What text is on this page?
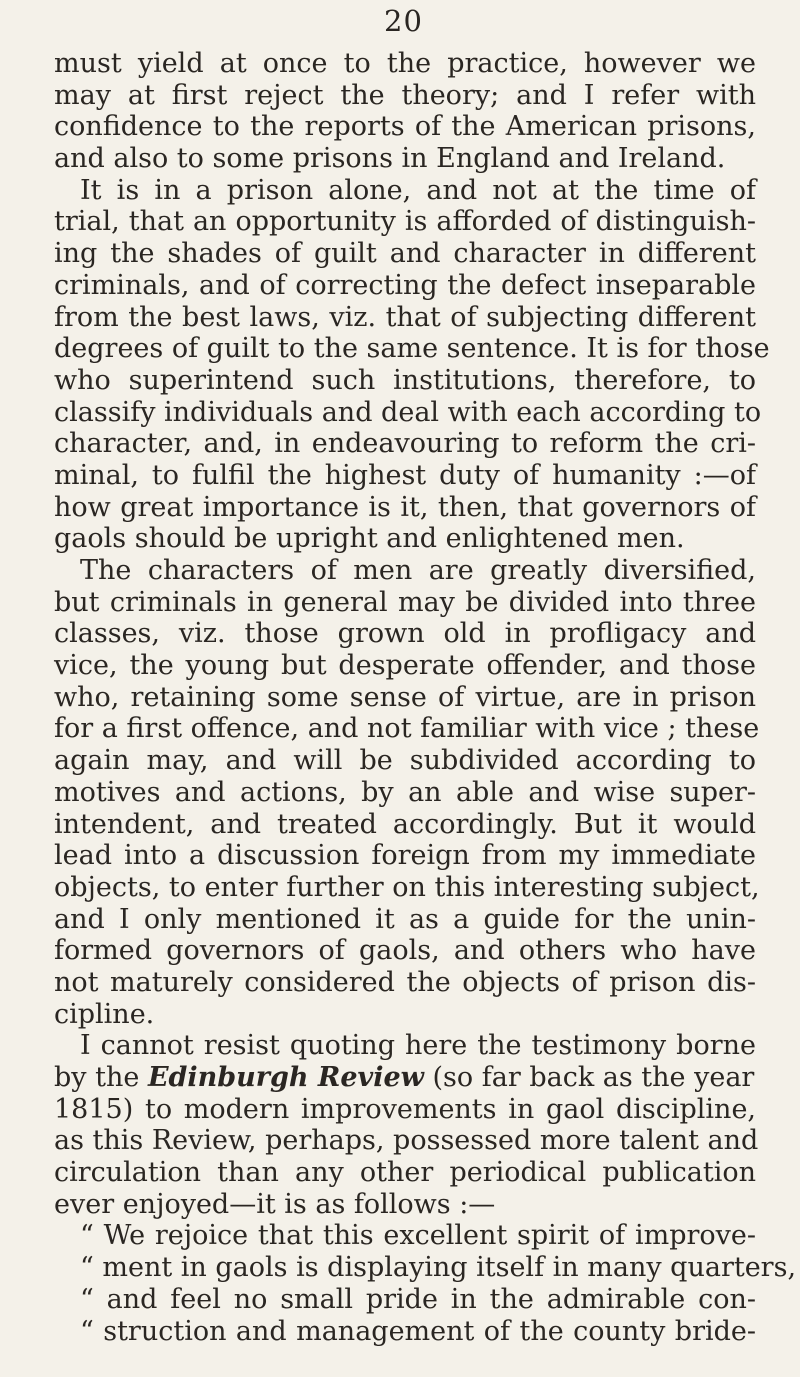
20
must yield at once to the practice, however we
may at first reject the theory; and I refer with
confidence to the reports of the American prisons,
and also to some prisons in England and Ireland.
It is in a prison alone, and not at the time of
trial, that an opportunity is afforded of distinguish-
ing the shades of guilt and character in different
criminals, and of correcting the defect inseparable
from the best laws, viz. that of subjecting different
degrees of guilt to the same sentence. It is for those
who superintend such institutions, therefore, to
classify individuals and deal with each according to
character, and, in endeavouring to reform the cri-
minal, to fulfil the highest duty of humanity :—of
how great importance is it, then, that governors of
gaols should be upright and enlightened men.
The characters of men are greatly diversified,
but criminals in general may be divided into three
classes, viz. those grown old in profligacy and
vice, the young but desperate offender, and those
who, retaining some sense of virtue, are in prison
for a first offence, and not familiar with vice ; these
again may, and will be subdivided according to
motives and actions, by an able and wise super-
intendent, and treated accordingly. But it would
lead into a discussion foreign from my immediate
objects, to enter further on this interesting subject,
and I only mentioned it as a guide for the unin-
formed governors of gaols, and others who have
not maturely considered the objects of prison dis-
cipline.
I cannot resist quoting here the testimony borne
by the Edinburgh Review (so far back as the year
1815) to modern improvements in gaol discipline,
as this Review, perhaps, possessed more talent and
circulation than any other periodical publication
ever enjoyed—it is as follows :—
“ We rejoice that this excellent spirit of improve-
“ ment in gaols is displaying itself in many quarters,
“ and feel no small pride in the admirable con-
“ struction and management of the county bride-
